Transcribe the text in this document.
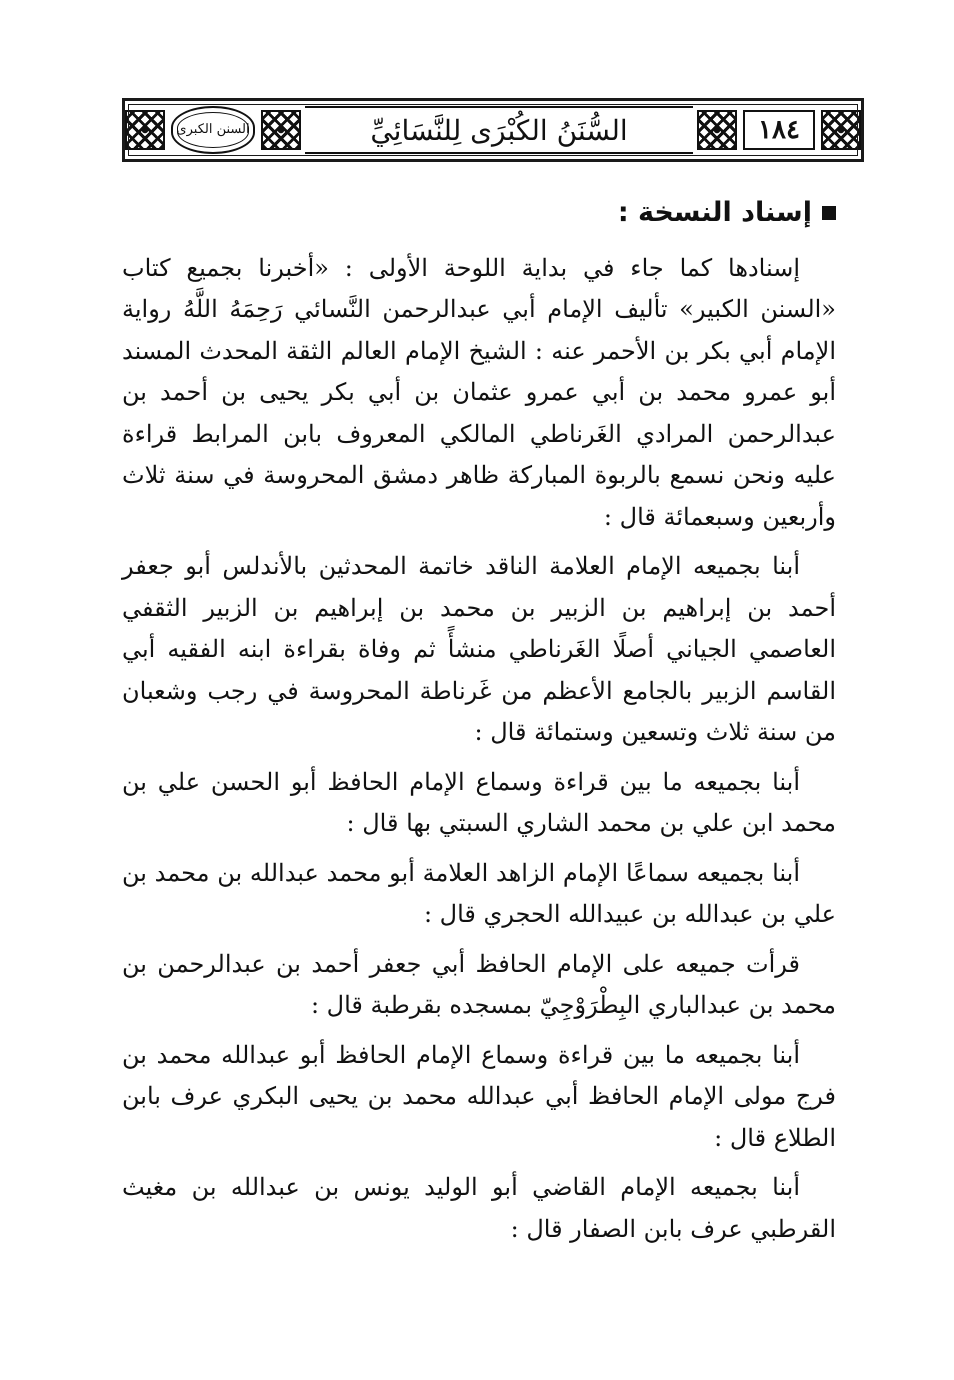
السنن الكبرى	السُّنَنُ الكُبْرَى لِلنَّسَائِيِّ	١٨٤
إسناد النسخة :

إسنادها كما جاء في بداية اللوحة الأولى : «أخبرنا بجميع كتاب «السنن الكبير» تأليف الإمام أبي عبدالرحمن النَّسائي رَحِمَهُ اللَّهُ رواية الإمام أبي بكر بن الأحمر عنه : الشيخ الإمام العالم الثقة المحدث المسند أبو عمرو محمد بن أبي عمرو عثمان بن أبي بكر يحيى بن أحمد بن عبدالرحمن المرادي الغَرناطي المالكي المعروف بابن المرابط قراءة عليه ونحن نسمع بالربوة المباركة ظاهر دمشق المحروسة في سنة ثلاث وأربعين وسبعمائة قال :

أبنا بجميعه الإمام العلامة الناقد خاتمة المحدثين بالأندلس أبو جعفر أحمد بن إبراهيم بن الزبير بن محمد بن إبراهيم بن الزبير الثقفي العاصمي الجياني أصلًا الغَرناطي منشأً ثم وفاة بقراءة ابنه الفقيه أبي القاسم الزبير بالجامع الأعظم من غَرناطة المحروسة في رجب وشعبان من سنة ثلاث وتسعين وستمائة قال :

أبنا بجميعه ما بين قراءة وسماع الإمام الحافظ أبو الحسن علي بن محمد ابن علي بن محمد الشاري السبتي بها قال :

أبنا بجميعه سماعًا الإمام الزاهد العلامة أبو محمد عبدالله بن محمد بن علي بن عبدالله بن عبيدالله الحجري قال :

قرأت جميعه على الإمام الحافظ أبي جعفر أحمد بن عبدالرحمن بن محمد بن عبدالباري البِطْرَوْجِيّ بمسجده بقرطبة قال :

أبنا بجميعه ما بين قراءة وسماع الإمام الحافظ أبو عبدالله محمد بن فرج مولى الإمام الحافظ أبي عبدالله محمد بن يحيى البكري عرف بابن الطلاع قال :

أبنا بجميعه الإمام القاضي أبو الوليد يونس بن عبدالله بن مغيث القرطبي عرف بابن الصفار قال :
